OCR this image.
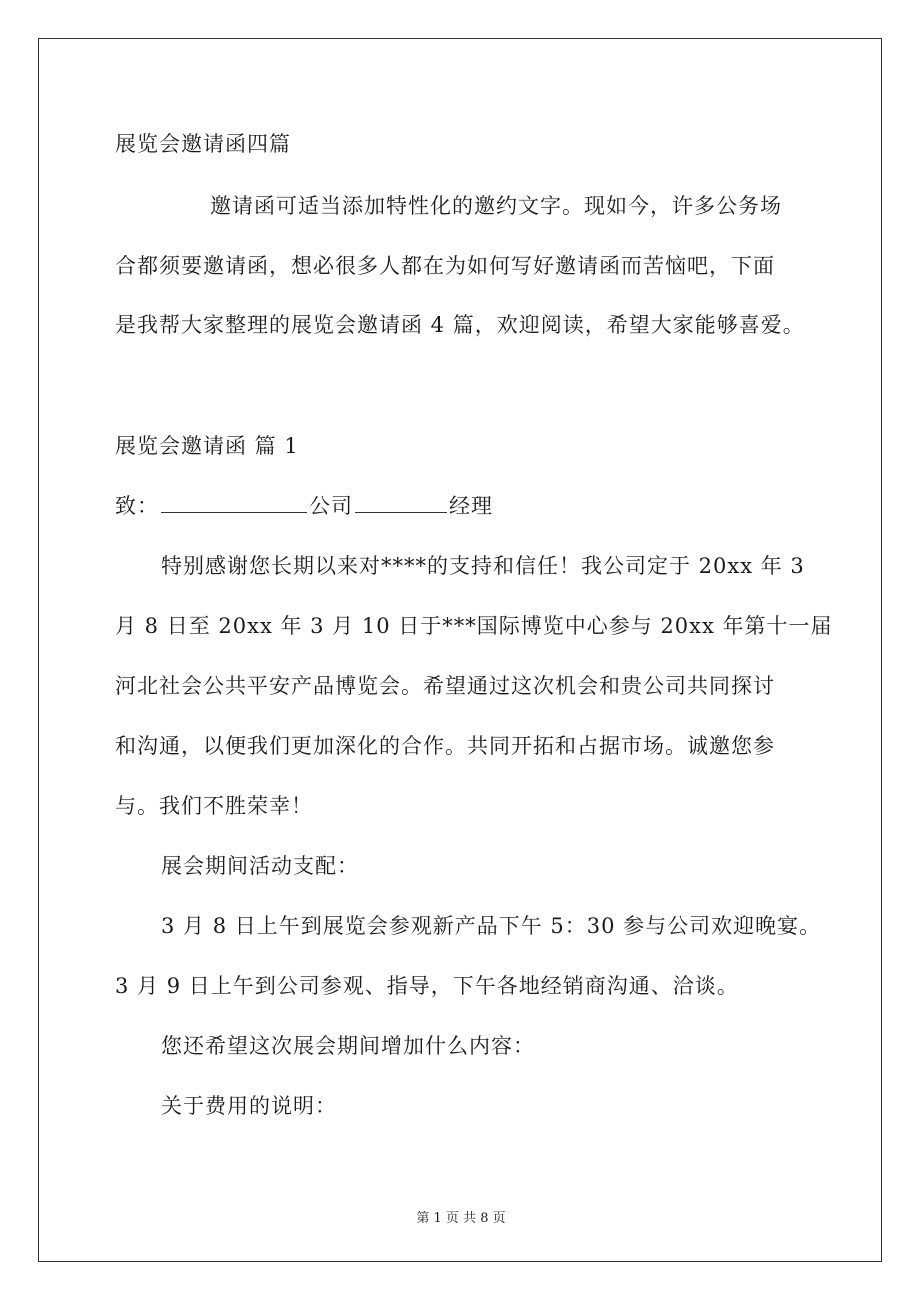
展览会邀请函四篇
邀请函可适当添加特性化的邀约文字。现如今，许多公务场
合都须要邀请函，想必很多人都在为如何写好邀请函而苦恼吧，下面
是我帮大家整理的展览会邀请函 4 篇，欢迎阅读，希望大家能够喜爱。
展览会邀请函 篇 1
致：	公司	经理
特别感谢您长期以来对****的支持和信任！我公司定于 20xx 年 3
月 8 日至 20xx 年 3 月 10 日于***国际博览中心参与 20xx 年第十一届
河北社会公共平安产品博览会。希望通过这次机会和贵公司共同探讨
和沟通，以便我们更加深化的合作。共同开拓和占据市场。诚邀您参
与。我们不胜荣幸！
展会期间活动支配：
3 月 8 日上午到展览会参观新产品下午 5：30 参与公司欢迎晚宴。
3 月 9 日上午到公司参观、指导，下午各地经销商沟通、洽谈。
您还希望这次展会期间增加什么内容：
关于费用的说明：
第 1 页 共 8 页
